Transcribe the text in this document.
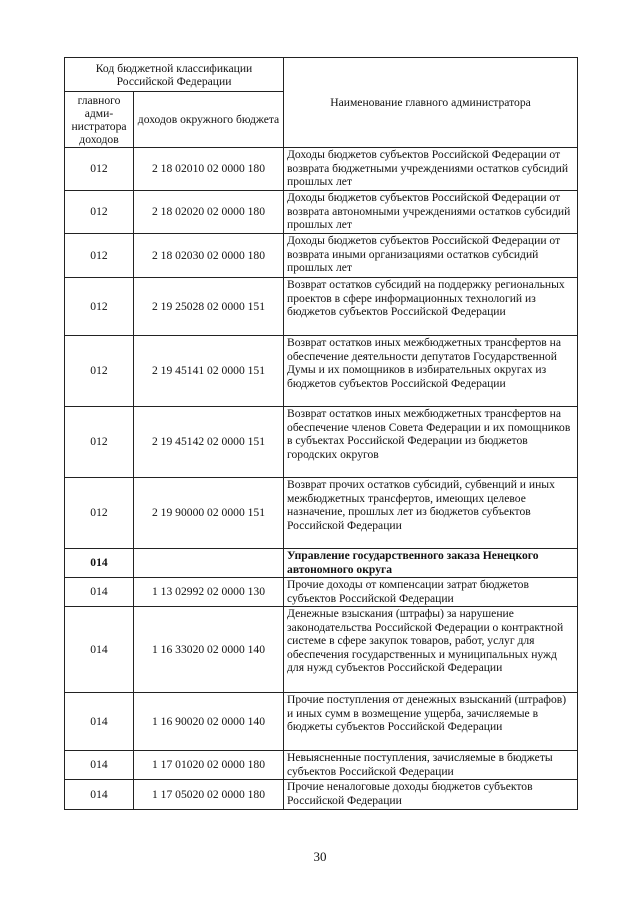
Код бюджетной классификации Российской Федерации		Наименование главного администратора
главного адми-нистратора доходов	доходов окружного бюджета	
012	2 18 02010 02 0000 180	Доходы бюджетов субъектов Российской Федерации от возврата бюджетными учреждениями остатков субсидий прошлых лет
012	2 18 02020 02 0000 180	Доходы бюджетов субъектов Российской Федерации от возврата автономными учреждениями остатков субсидий прошлых лет
012	2 18 02030 02 0000 180	Доходы бюджетов субъектов Российской Федерации от возврата иными организациями остатков субсидий прошлых лет
012	2 19 25028 02 0000 151	Возврат остатков субсидий на поддержку региональных проектов в сфере информационных технологий из бюджетов субъектов Российской Федерации
012	2 19 45141 02 0000 151	Возврат остатков иных межбюджетных трансфертов на обеспечение деятельности депутатов Государственной Думы и их помощников в избирательных округах из бюджетов субъектов Российской Федерации
012	2 19 45142 02 0000 151	Возврат остатков иных межбюджетных трансфертов на обеспечение членов Совета Федерации и их помощников в субъектах Российской Федерации из бюджетов городских округов
012	2 19 90000 02 0000 151	Возврат прочих остатков субсидий, субвенций и иных межбюджетных трансфертов, имеющих целевое назначение, прошлых лет из бюджетов субъектов Российской Федерации
014		Управление государственного заказа Ненецкого автономного округа
014	1 13 02992 02 0000 130	Прочие доходы от компенсации затрат бюджетов субъектов Российской Федерации
014	1 16 33020 02 0000 140	Денежные взыскания (штрафы) за нарушение законодательства Российской Федерации о контрактной системе в сфере закупок товаров, работ, услуг для обеспечения государственных и муниципальных нужд для нужд субъектов Российской Федерации
014	1 16 90020 02 0000 140	Прочие поступления от денежных взысканий (штрафов) и иных сумм в возмещение ущерба, зачисляемые в бюджеты субъектов Российской Федерации
014	1 17 01020 02 0000 180	Невыясненные поступления, зачисляемые в бюджеты субъектов Российской Федерации
014	1 17 05020 02 0000 180	Прочие неналоговые доходы бюджетов субъектов Российской Федерации
30
